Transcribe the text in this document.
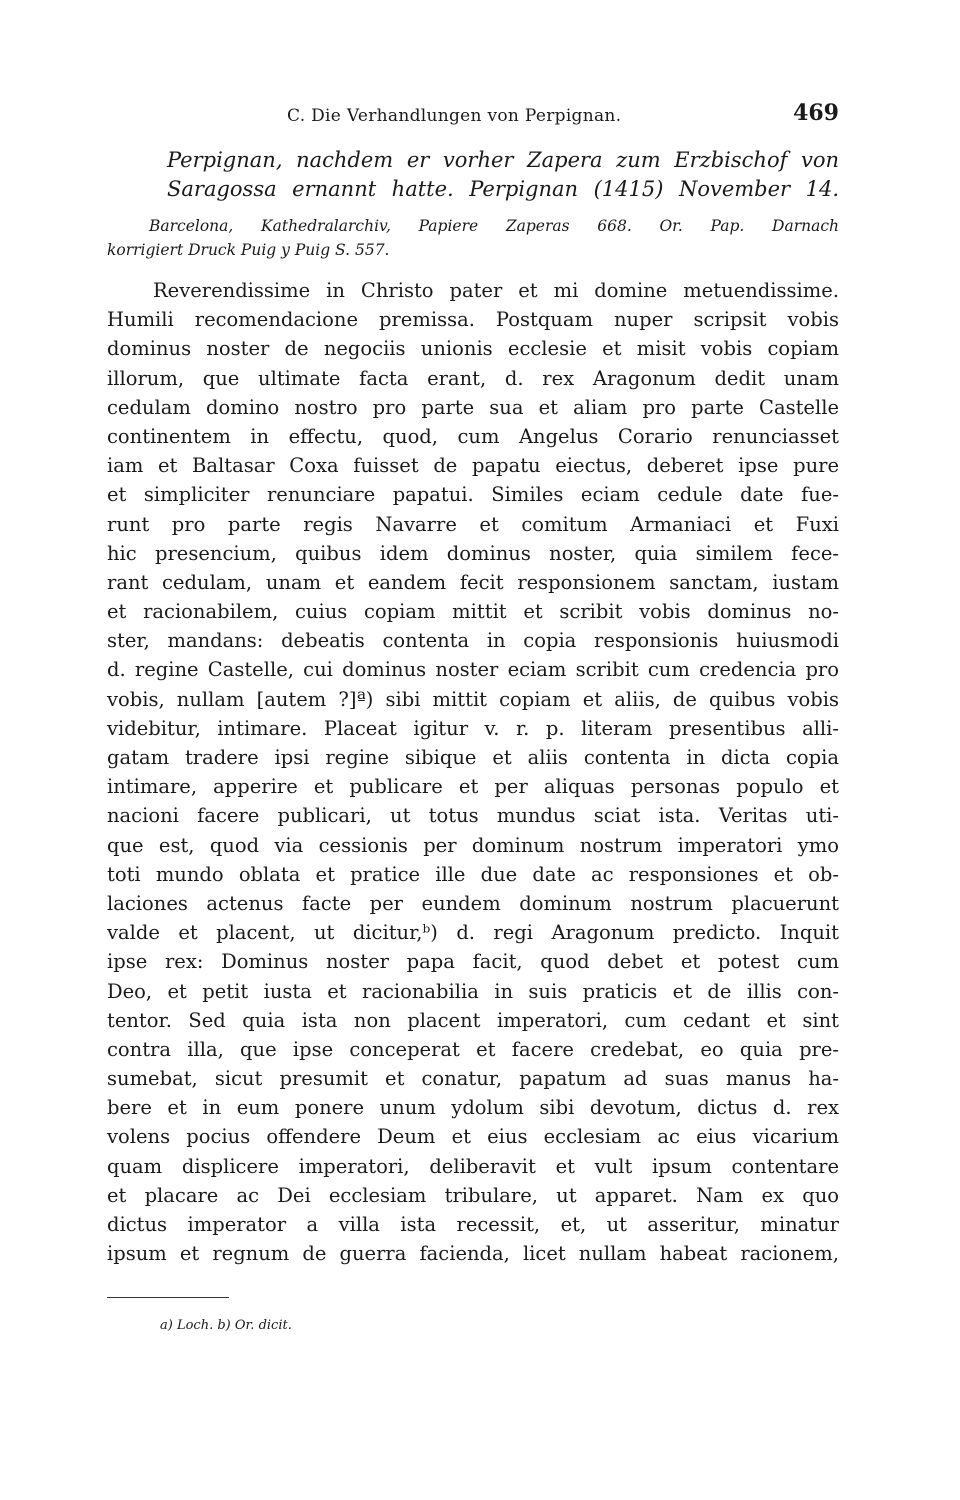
C. Die Verhandlungen von Perpignan.	469
Perpignan, nachdem er vorher Zapera zum Erzbischof von
Saragossa ernannt hatte. Perpignan (1415) November 14.
Barcelona, Kathedralarchiv, Papiere Zaperas 668. Or. Pap. Darnach
korrigiert Druck Puig y Puig S. 557.
Reverendissime in Christo pater et mi domine metuendissime.
Humili recomendacione premissa. Postquam nuper scripsit vobis
dominus noster de negociis unionis ecclesie et misit vobis copiam
illorum, que ultimate facta erant, d. rex Aragonum dedit unam
cedulam domino nostro pro parte sua et aliam pro parte Castelle
continentem in effectu, quod, cum Angelus Corario renunciasset
iam et Baltasar Coxa fuisset de papatu eiectus, deberet ipse pure
et simpliciter renunciare papatui. Similes eciam cedule date fue-
runt pro parte regis Navarre et comitum Armaniaci et Fuxi
hic presencium, quibus idem dominus noster, quia similem fece-
rant cedulam, unam et eandem fecit responsionem sanctam, iustam
et racionabilem, cuius copiam mittit et scribit vobis dominus no-
ster, mandans: debeatis contenta in copia responsionis huiusmodi
d. regine Castelle, cui dominus noster eciam scribit cum credencia pro
vobis, nullam [autem ?]ª) sibi mittit copiam et aliis, de quibus vobis
videbitur, intimare. Placeat igitur v. r. p. literam presentibus alli-
gatam tradere ipsi regine sibique et aliis contenta in dicta copia
intimare, apperire et publicare et per aliquas personas populo et
nacioni facere publicari, ut totus mundus sciat ista. Veritas uti-
que est, quod via cessionis per dominum nostrum imperatori ymo
toti mundo oblata et pratice ille due date ac responsiones et ob-
laciones actenus facte per eundem dominum nostrum placuerunt
valde et placent, ut dicitur,ᵇ) d. regi Aragonum predicto. Inquit
ipse rex: Dominus noster papa facit, quod debet et potest cum
Deo, et petit iusta et racionabilia in suis praticis et de illis con-
tentor. Sed quia ista non placent imperatori, cum cedant et sint
contra illa, que ipse conceperat et facere credebat, eo quia pre-
sumebat, sicut presumit et conatur, papatum ad suas manus ha-
bere et in eum ponere unum ydolum sibi devotum, dictus d. rex
volens pocius offendere Deum et eius ecclesiam ac eius vicarium
quam displicere imperatori, deliberavit et vult ipsum contentare
et placare ac Dei ecclesiam tribulare, ut apparet. Nam ex quo
dictus imperator a villa ista recessit, et, ut asseritur, minatur
ipsum et regnum de guerra facienda, licet nullam habeat racionem,
a) Loch. b) Or. dicit.
